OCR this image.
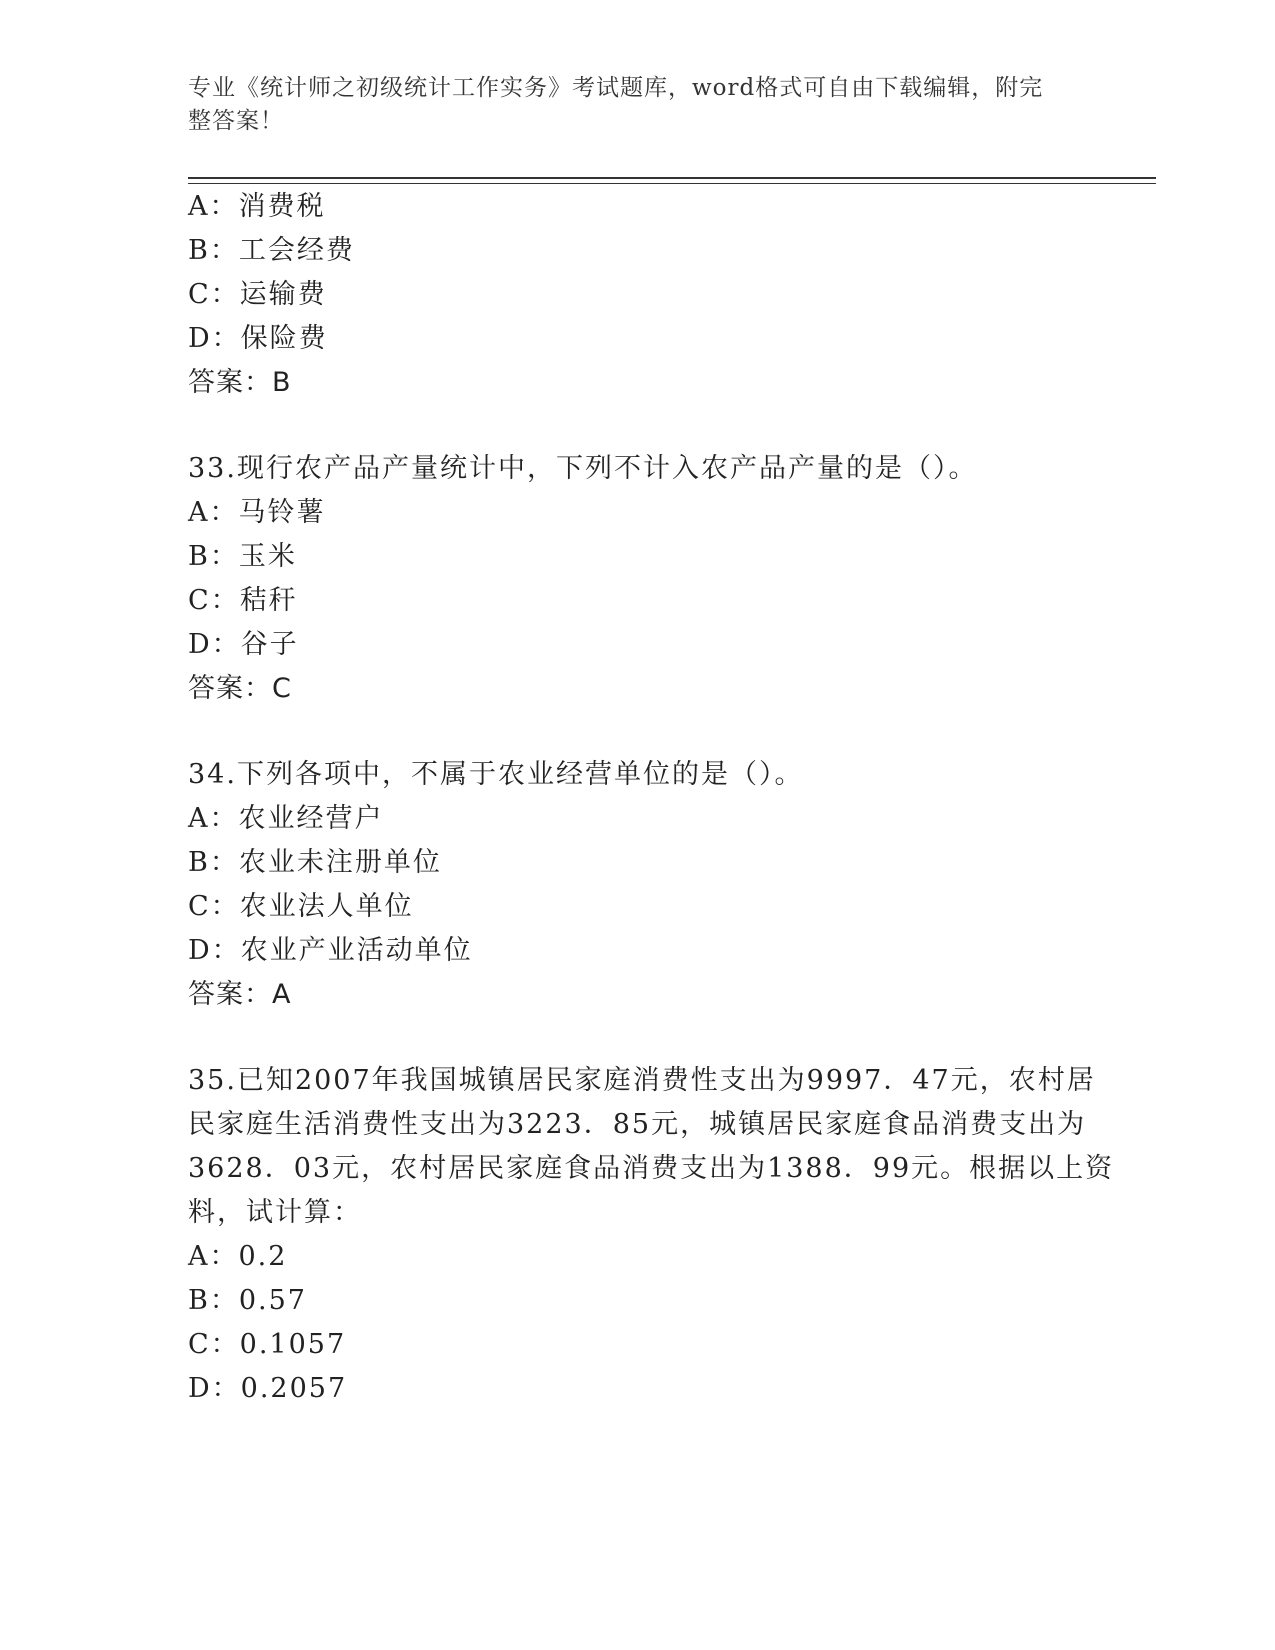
专业《统计师之初级统计工作实务》考试题库，word格式可自由下载编辑，附完
整答案！
A：消费税
B：工会经费
C：运输费
D：保险费
答案：B
33.现行农产品产量统计中，下列不计入农产品产量的是（）。
A：马铃薯
B：玉米
C：秸秆
D：谷子
答案：C
34.下列各项中，不属于农业经营单位的是（）。
A：农业经营户
B：农业未注册单位
C：农业法人单位
D：农业产业活动单位
答案：A
35.已知2007年我国城镇居民家庭消费性支出为9997．47元，农村居
民家庭生活消费性支出为3223．85元，城镇居民家庭食品消费支出为
3628．03元，农村居民家庭食品消费支出为1388．99元。根据以上资
料，试计算：
A：0.2
B：0.57
C：0.1057
D：0.2057
